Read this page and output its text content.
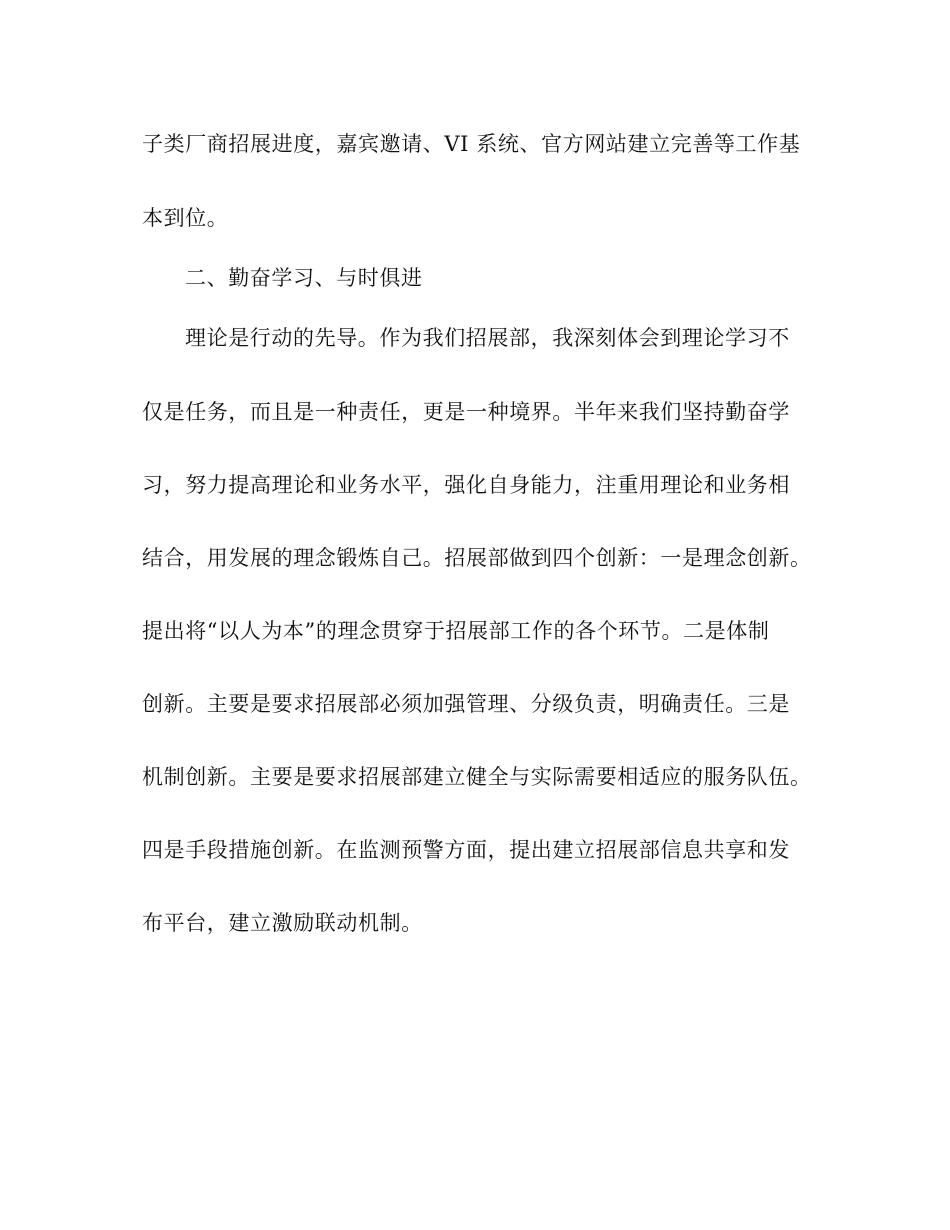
子类厂商招展进度，嘉宾邀请、VI 系统、官方网站建立完善等工作基
本到位。
二、勤奋学习、与时俱进
理论是行动的先导。作为我们招展部，我深刻体会到理论学习不
仅是任务，而且是一种责任，更是一种境界。半年来我们坚持勤奋学
习，努力提高理论和业务水平，强化自身能力，注重用理论和业务相
结合，用发展的理念锻炼自己。招展部做到四个创新：一是理念创新。
提出将“以人为本”的理念贯穿于招展部工作的各个环节。二是体制
创新。主要是要求招展部必须加强管理、分级负责，明确责任。三是
机制创新。主要是要求招展部建立健全与实际需要相适应的服务队伍。
四是手段措施创新。在监测预警方面，提出建立招展部信息共享和发
布平台，建立激励联动机制。
